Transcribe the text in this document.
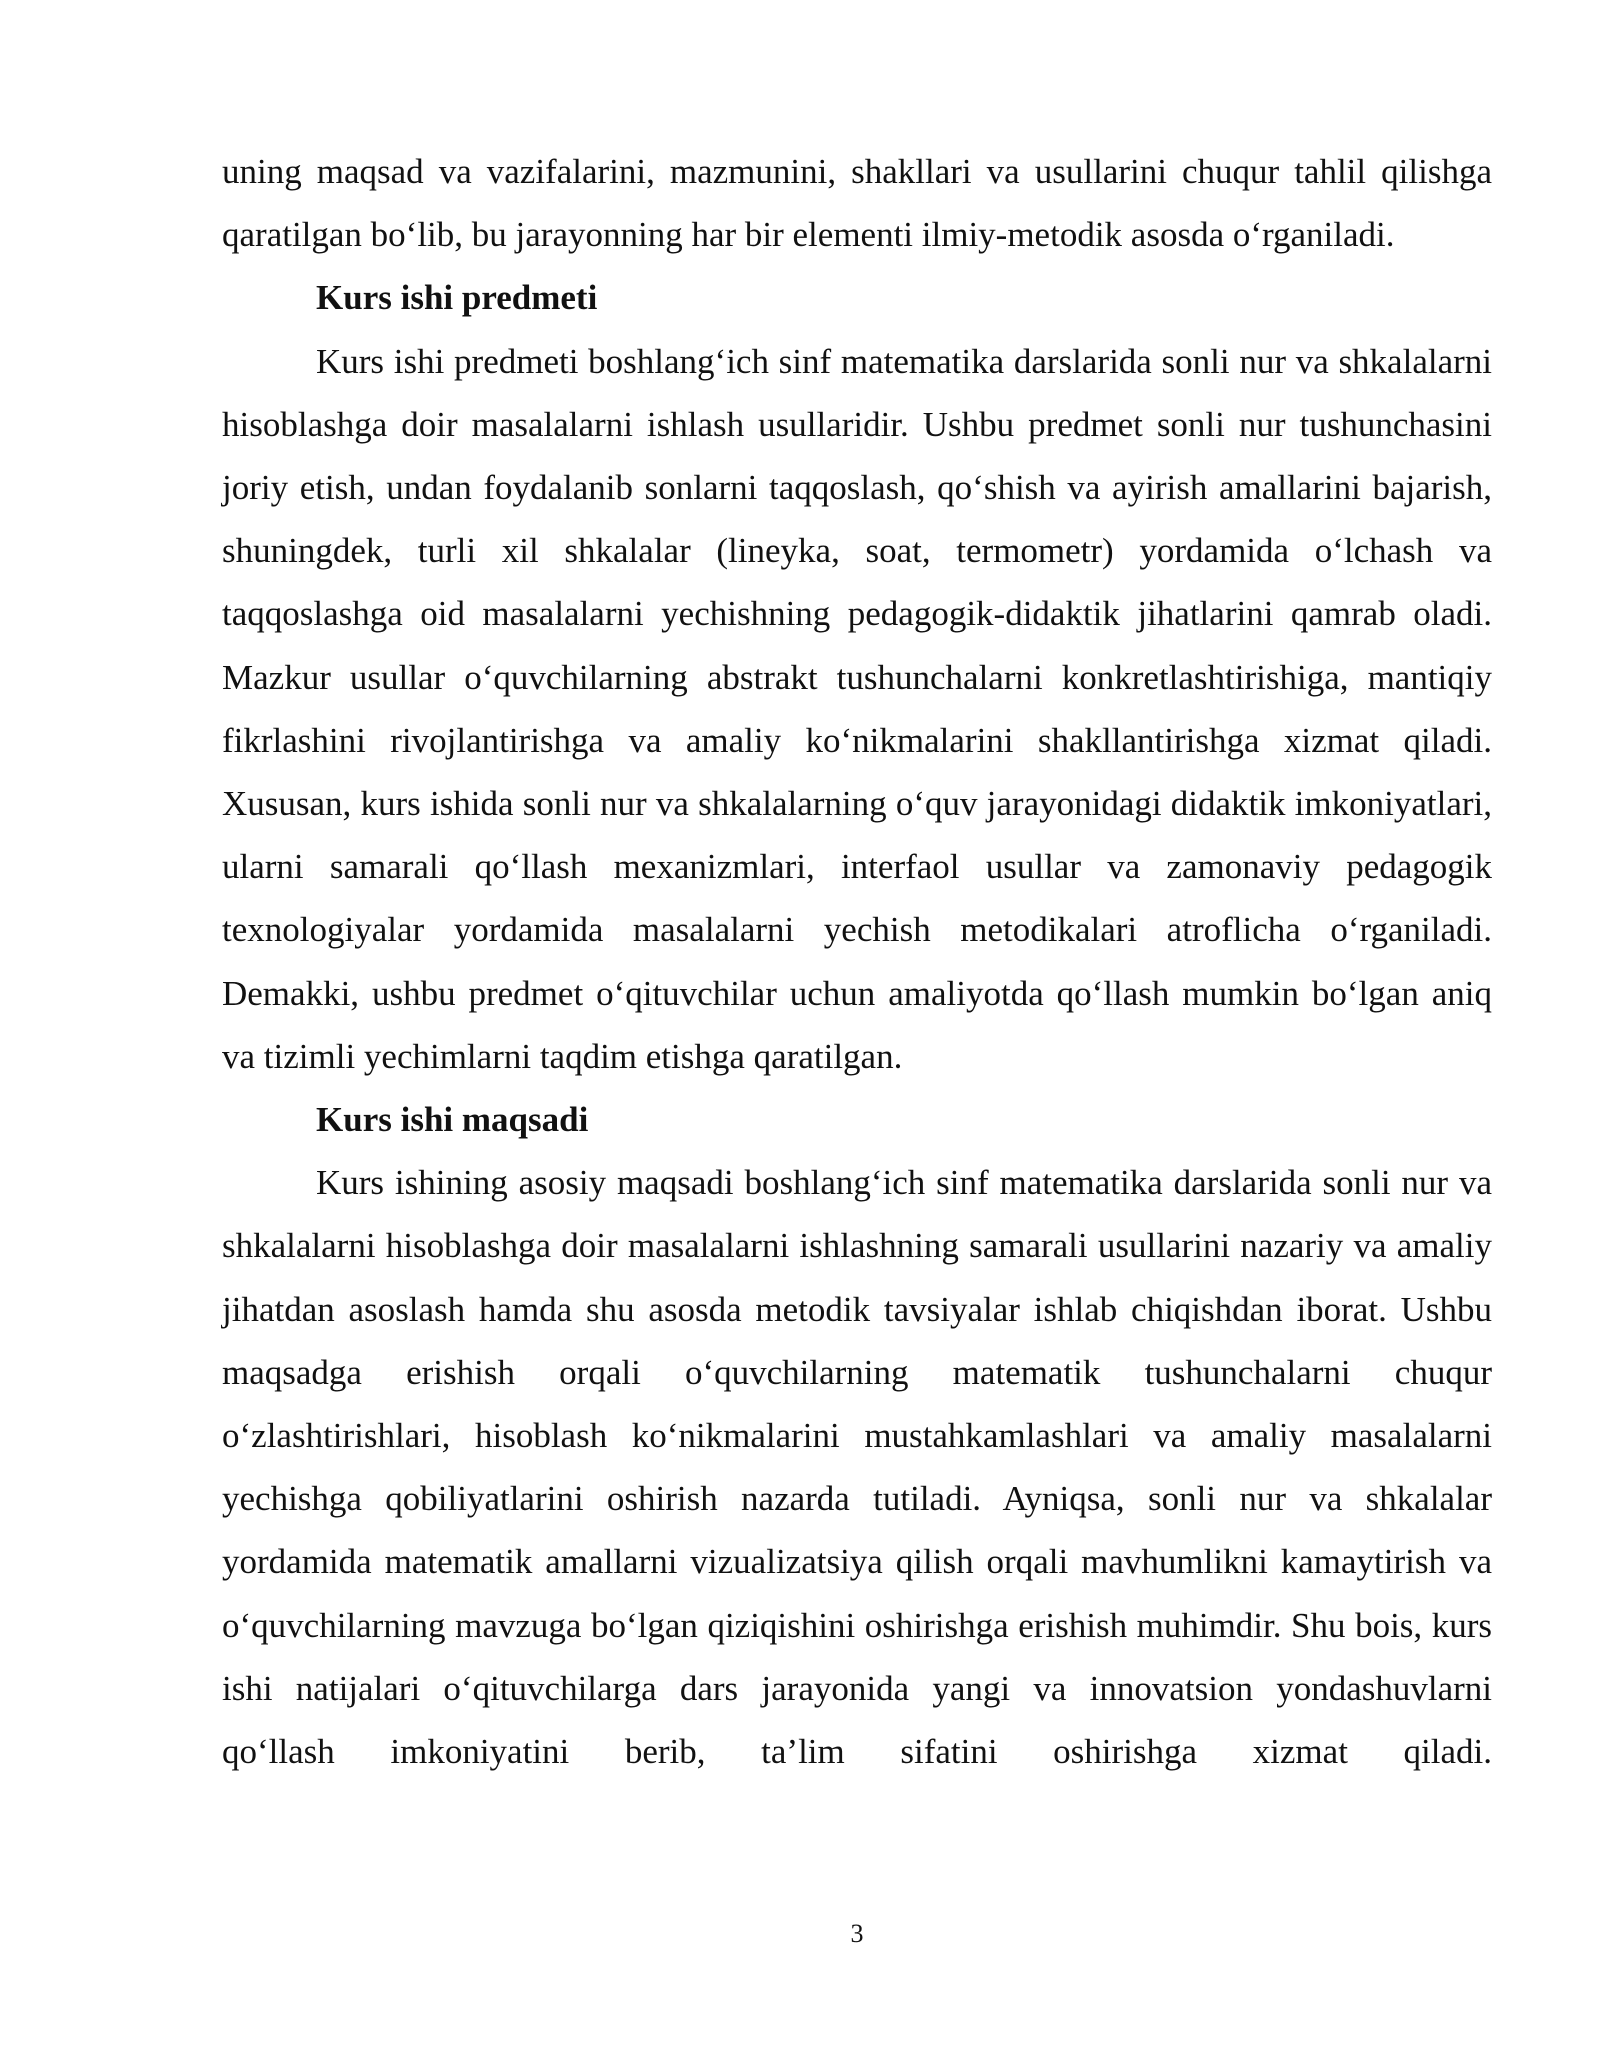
uning maqsad va vazifalarini, mazmunini, shakllari va usullarini chuqur tahlil qilishga qaratilgan bo‘lib, bu jarayonning har bir elementi ilmiy-metodik asosda o‘rganiladi.

Kurs ishi predmeti

Kurs ishi predmeti boshlang‘ich sinf matematika darslarida sonli nur va shkalalarni hisoblashga doir masalalarni ishlash usullaridir. Ushbu predmet sonli nur tushunchasini joriy etish, undan foydalanib sonlarni taqqoslash, qo‘shish va ayirish amallarini bajarish, shuningdek, turli xil shkalalar (lineyka, soat, termometr) yordamida o‘lchash va taqqoslashga oid masalalarni yechishning pedagogik-didaktik jihatlarini qamrab oladi. Mazkur usullar o‘quvchilarning abstrakt tushunchalarni konkretlashtirishiga, mantiqiy fikrlashini rivojlantirishga va amaliy ko‘nikmalarini shakllantirishga xizmat qiladi. Xususan, kurs ishida sonli nur va shkalalarning o‘quv jarayonidagi didaktik imkoniyatlari, ularni samarali qo‘llash mexanizmlari, interfaol usullar va zamonaviy pedagogik texnologiyalar yordamida masalalarni yechish metodikalari atroflicha o‘rganiladi. Demakki, ushbu predmet o‘qituvchilar uchun amaliyotda qo‘llash mumkin bo‘lgan aniq va tizimli yechimlarni taqdim etishga qaratilgan.

Kurs ishi maqsadi

Kurs ishining asosiy maqsadi boshlang‘ich sinf matematika darslarida sonli nur va shkalalarni hisoblashga doir masalalarni ishlashning samarali usullarini nazariy va amaliy jihatdan asoslash hamda shu asosda metodik tavsiyalar ishlab chiqishdan iborat. Ushbu maqsadga erishish orqali o‘quvchilarning matematik tushunchalarni chuqur o‘zlashtirishlari, hisoblash ko‘nikmalarini mustahkamlashlari va amaliy masalalarni yechishga qobiliyatlarini oshirish nazarda tutiladi. Ayniqsa, sonli nur va shkalalar yordamida matematik amallarni vizualizatsiya qilish orqali mavhumlikni kamaytirish va o‘quvchilarning mavzuga bo‘lgan qiziqishini oshirishga erishish muhimdir. Shu bois, kurs ishi natijalari o‘qituvchilarga dars jarayonida yangi va innovatsion yondashuvlarni qo‘llash imkoniyatini berib, ta’lim sifatini oshirishga xizmat qiladi.

3
